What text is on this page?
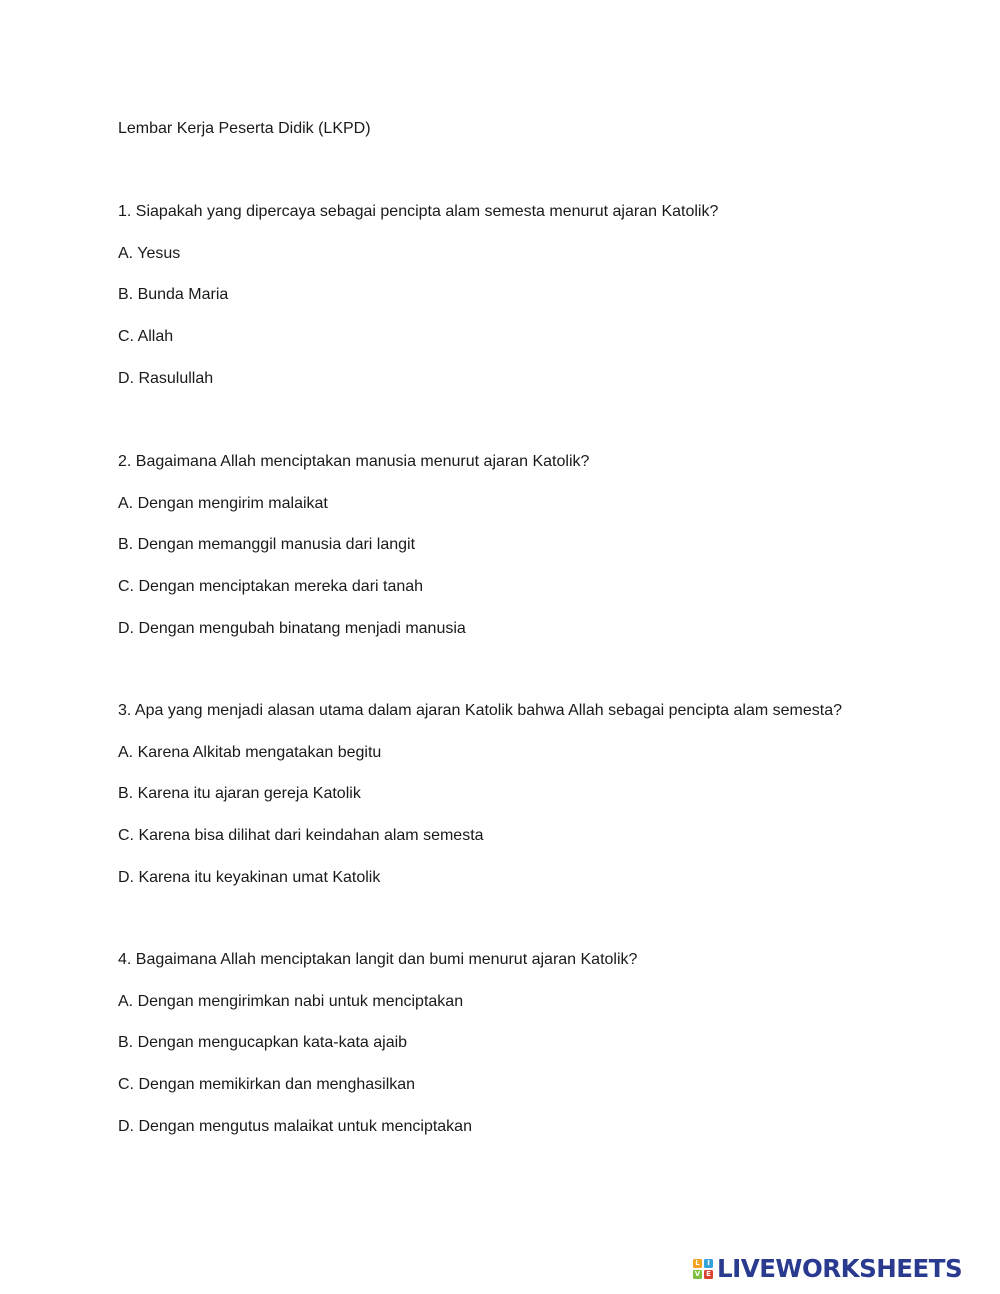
Lembar Kerja Peserta Didik (LKPD)

1. Siapakah yang dipercaya sebagai pencipta alam semesta menurut ajaran Katolik?

A. Yesus
B. Bunda Maria
C. Allah
D. Rasulullah

2. Bagaimana Allah menciptakan manusia menurut ajaran Katolik?

A. Dengan mengirim malaikat
B. Dengan memanggil manusia dari langit
C. Dengan menciptakan mereka dari tanah
D. Dengan mengubah binatang menjadi manusia

3. Apa yang menjadi alasan utama dalam ajaran Katolik bahwa Allah sebagai pencipta alam semesta?

A. Karena Alkitab mengatakan begitu
B. Karena itu ajaran gereja Katolik
C. Karena bisa dilihat dari keindahan alam semesta
D. Karena itu keyakinan umat Katolik

4. Bagaimana Allah menciptakan langit dan bumi menurut ajaran Katolik?

A. Dengan mengirimkan nabi untuk menciptakan
B. Dengan mengucapkan kata-kata ajaib
C. Dengan memikirkan dan menghasilkan
D. Dengan mengutus malaikat untuk menciptakan
L	I
V E LIVEWORKSHEETS
